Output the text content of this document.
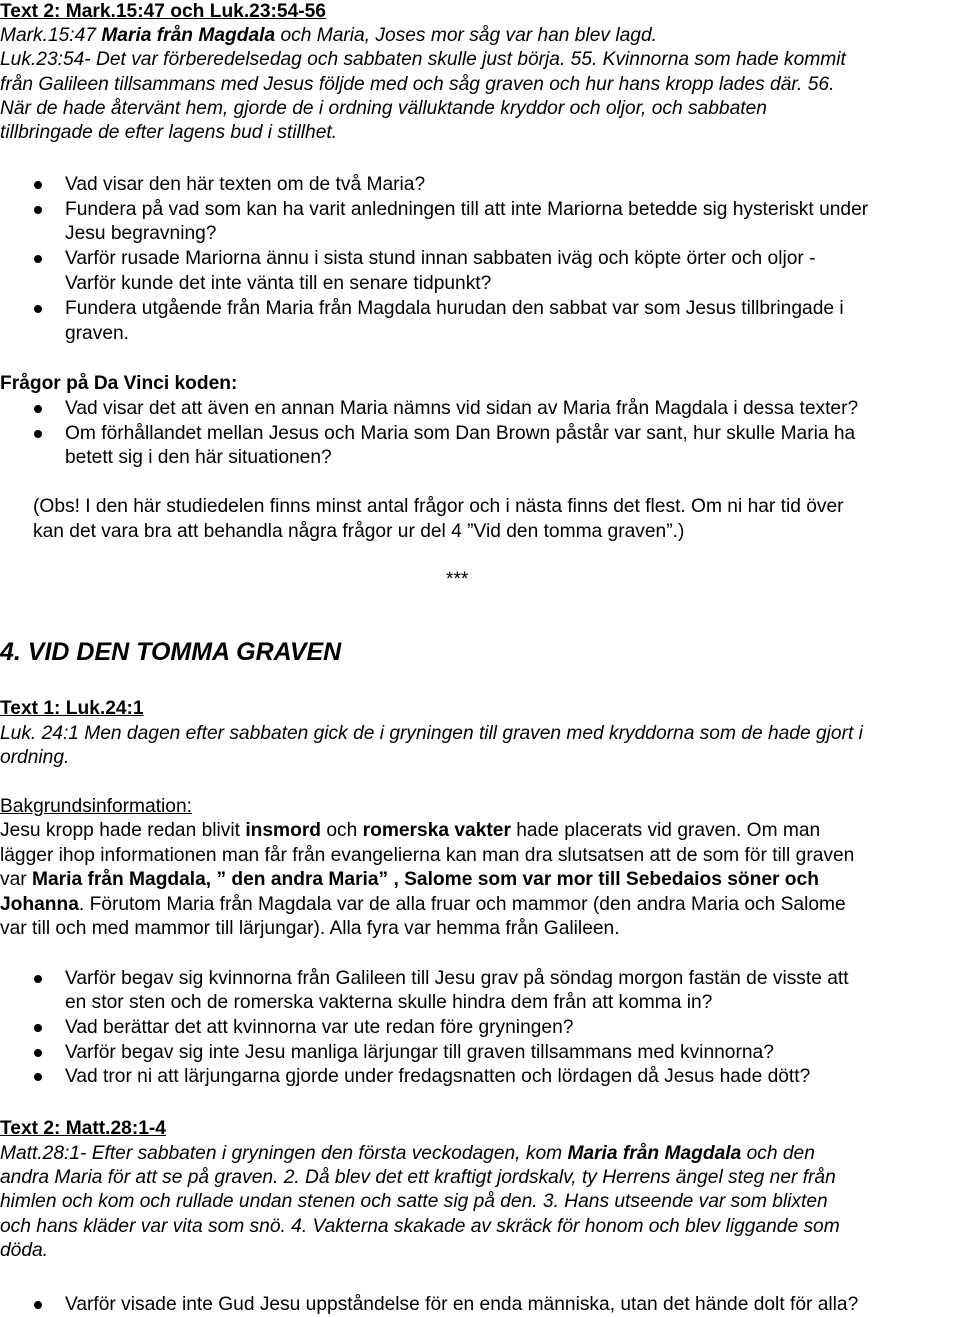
Text 2: Mark.15:47 och Luk.23:54-56
Mark.15:47 Maria från Magdala och Maria, Joses mor såg var han blev lagd.
Luk.23:54- Det var förberedelsedag och sabbaten skulle just börja. 55. Kvinnorna som hade kommit
från Galileen tillsammans med Jesus följde med och såg graven och hur hans kropp lades där. 56.
När de hade återvänt hem, gjorde de i ordning välluktande kryddor och oljor, och sabbaten
tillbringade de efter lagens bud i stillhet.
Vad visar den här texten om de två Maria?
Fundera på vad som kan ha varit anledningen till att inte Mariorna betedde sig hysteriskt under
Jesu begravning?
Varför rusade Mariorna ännu i sista stund innan sabbaten iväg och köpte örter och oljor -
Varför kunde det inte vänta till en senare tidpunkt?
Fundera utgående från Maria från Magdala hurudan den sabbat var som Jesus tillbringade i
graven.
Frågor på Da Vinci koden:
Vad visar det att även en annan Maria nämns vid sidan av Maria från Magdala i dessa texter?
Om förhållandet mellan Jesus och Maria som Dan Brown påstår var sant, hur skulle Maria ha
betett sig i den här situationen?
(Obs! I den här studiedelen finns minst antal frågor och i nästa finns det flest. Om ni har tid över
kan det vara bra att behandla några frågor ur del 4 ”Vid den tomma graven”.)
***
4. VID DEN TOMMA GRAVEN
Text 1: Luk.24:1
Luk. 24:1 Men dagen efter sabbaten gick de i gryningen till graven med kryddorna som de hade gjort i
ordning.
Bakgrundsinformation:
Jesu kropp hade redan blivit insmord och romerska vakter hade placerats vid graven. Om man
lägger ihop informationen man får från evangelierna kan man dra slutsatsen att de som för till graven
var Maria från Magdala, ” den andra Maria” , Salome som var mor till Sebedaios söner och
Johanna. Förutom Maria från Magdala var de alla fruar och mammor (den andra Maria och Salome
var till och med mammor till lärjungar). Alla fyra var hemma från Galileen.
Varför begav sig kvinnorna från Galileen till Jesu grav på söndag morgon fastän de visste att
en stor sten och de romerska vakterna skulle hindra dem från att komma in?
Vad berättar det att kvinnorna var ute redan före gryningen?
Varför begav sig inte Jesu manliga lärjungar till graven tillsammans med kvinnorna?
Vad tror ni att lärjungarna gjorde under fredagsnatten och lördagen då Jesus hade dött?
Text 2: Matt.28:1-4
Matt.28:1- Efter sabbaten i gryningen den första veckodagen, kom Maria från Magdala och den
andra Maria för att se på graven. 2. Då blev det ett kraftigt jordskalv, ty Herrens ängel steg ner från
himlen och kom och rullade undan stenen och satte sig på den. 3. Hans utseende var som blixten
och hans kläder var vita som snö. 4. Vakterna skakade av skräck för honom och blev liggande som
döda.
Varför visade inte Gud Jesu uppståndelse för en enda människa, utan det hände dolt för alla?
